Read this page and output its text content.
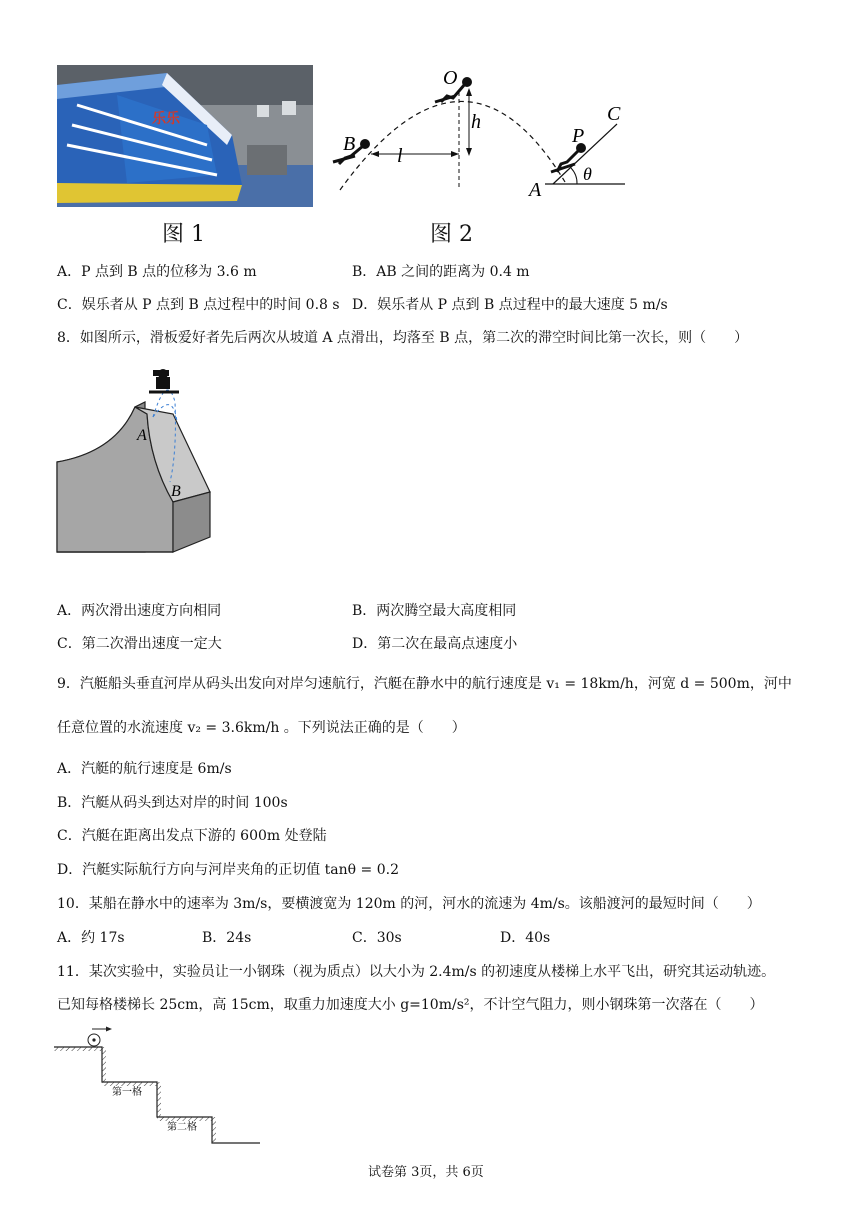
乐乐
图 1
O
B
l
h
A
P
C
θ
图 2
A．P 点到 B 点的位移为 3.6 m	B．AB 之间的距离为 0.4 m
C．娱乐者从 P 点到 B 点过程中的时间 0.8 s D．娱乐者从 P 点到 B 点过程中的最大速度 5 m/s
8．如图所示，滑板爱好者先后两次从坡道 A 点滑出，均落至 B 点，第二次的滞空时间比第一次长，则（　　）
A
B
A．两次滑出速度方向相同	B．两次腾空最大高度相同
C．第二次滑出速度一定大	D．第二次在最高点速度小
9．汽艇船头垂直河岸从码头出发向对岸匀速航行，汽艇在静水中的航行速度是 v₁ = 18km/h，河宽 d = 500m，河中
任意位置的水流速度 v₂ = 3.6km/h 。下列说法正确的是（　　）
A．汽艇的航行速度是 6m/s
B．汽艇从码头到达对岸的时间 100s
C．汽艇在距离出发点下游的 600m 处登陆
D．汽艇实际航行方向与河岸夹角的正切值 tanθ = 0.2
10．某船在静水中的速率为 3m/s，要横渡宽为 120m 的河，河水的流速为 4m/s。该船渡河的最短时间（　　）
A．约 17s	B．24s	C．30s	D．40s
11．某次实验中，实验员让一小钢珠（视为质点）以大小为 2.4m/s 的初速度从楼梯上水平飞出，研究其运动轨迹。
已知每格楼梯长 25cm，高 15cm，取重力加速度大小 g=10m/s²，不计空气阻力，则小钢珠第一次落在（　　）
第一格
第二格
试卷第 3页，共 6页
